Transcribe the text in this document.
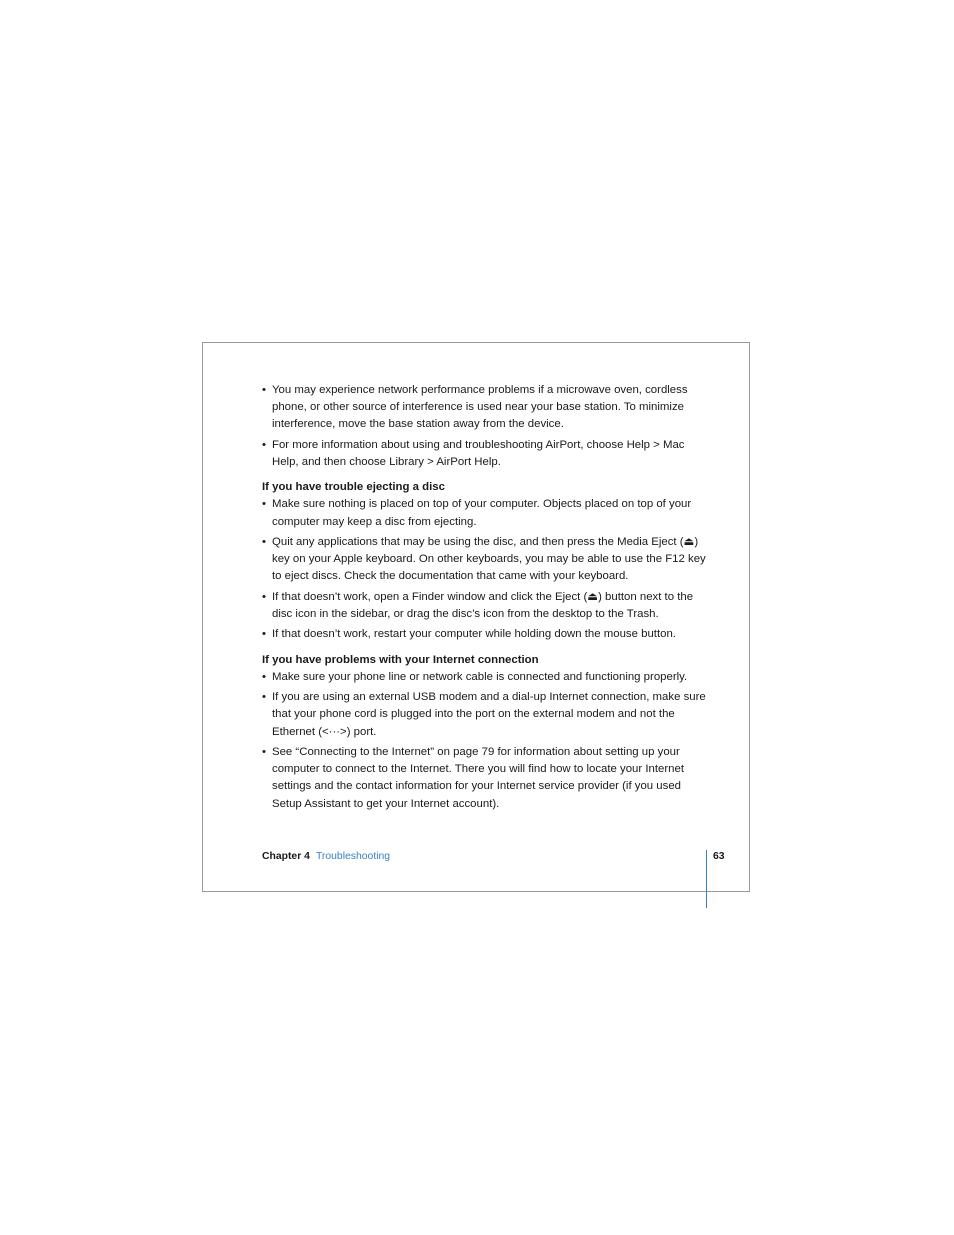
• You may experience network performance problems if a microwave oven, cordless phone, or other source of interference is used near your base station. To minimize interference, move the base station away from the device.
• For more information about using and troubleshooting AirPort, choose Help > Mac Help, and then choose Library > AirPort Help.
If you have trouble ejecting a disc
• Make sure nothing is placed on top of your computer. Objects placed on top of your computer may keep a disc from ejecting.
• Quit any applications that may be using the disc, and then press the Media Eject (⏏) key on your Apple keyboard. On other keyboards, you may be able to use the F12 key to eject discs. Check the documentation that came with your keyboard.
• If that doesn’t work, open a Finder window and click the Eject (⏏) button next to the disc icon in the sidebar, or drag the disc’s icon from the desktop to the Trash.
• If that doesn’t work, restart your computer while holding down the mouse button.
If you have problems with your Internet connection
• Make sure your phone line or network cable is connected and functioning properly.
• If you are using an external USB modem and a dial-up Internet connection, make sure that your phone cord is plugged into the port on the external modem and not the Ethernet (<···>) port.
• See “Connecting to the Internet” on page 79 for information about setting up your computer to connect to the Internet. There you will find how to locate your Internet settings and the contact information for your Internet service provider (if you used Setup Assistant to get your Internet account).
Chapter 4 Troubleshooting	63
